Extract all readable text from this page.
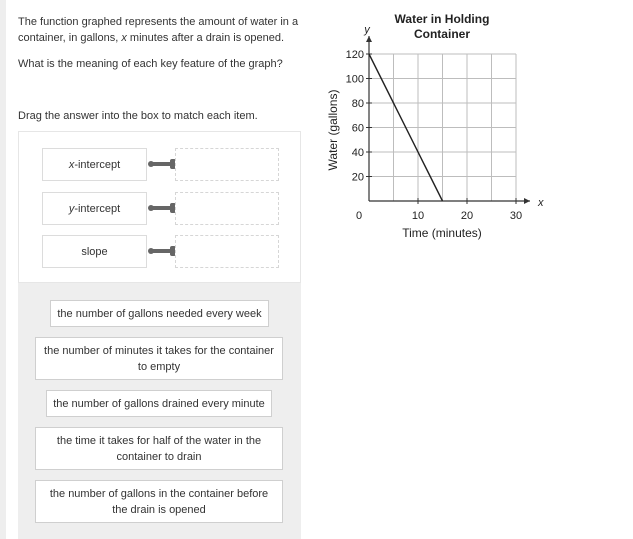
The function graphed represents the amount of water in a

container, in gallons, x minutes after a drain is opened.

What is the meaning of each key feature of the graph?
Drag the answer into the box to match each item.
x -intercept
y -intercept
slope
the number of gallons needed every week
the number of minutes it takes for the container to empty
the number of gallons drained every minute
the time it takes for half of the water in the container to drain
the number of gallons in the container before the drain is opened
Water in Holding
Container
Water (gallons)
Time (minutes)
0
x
y
10	20	30
20
40
60
80
100
120
